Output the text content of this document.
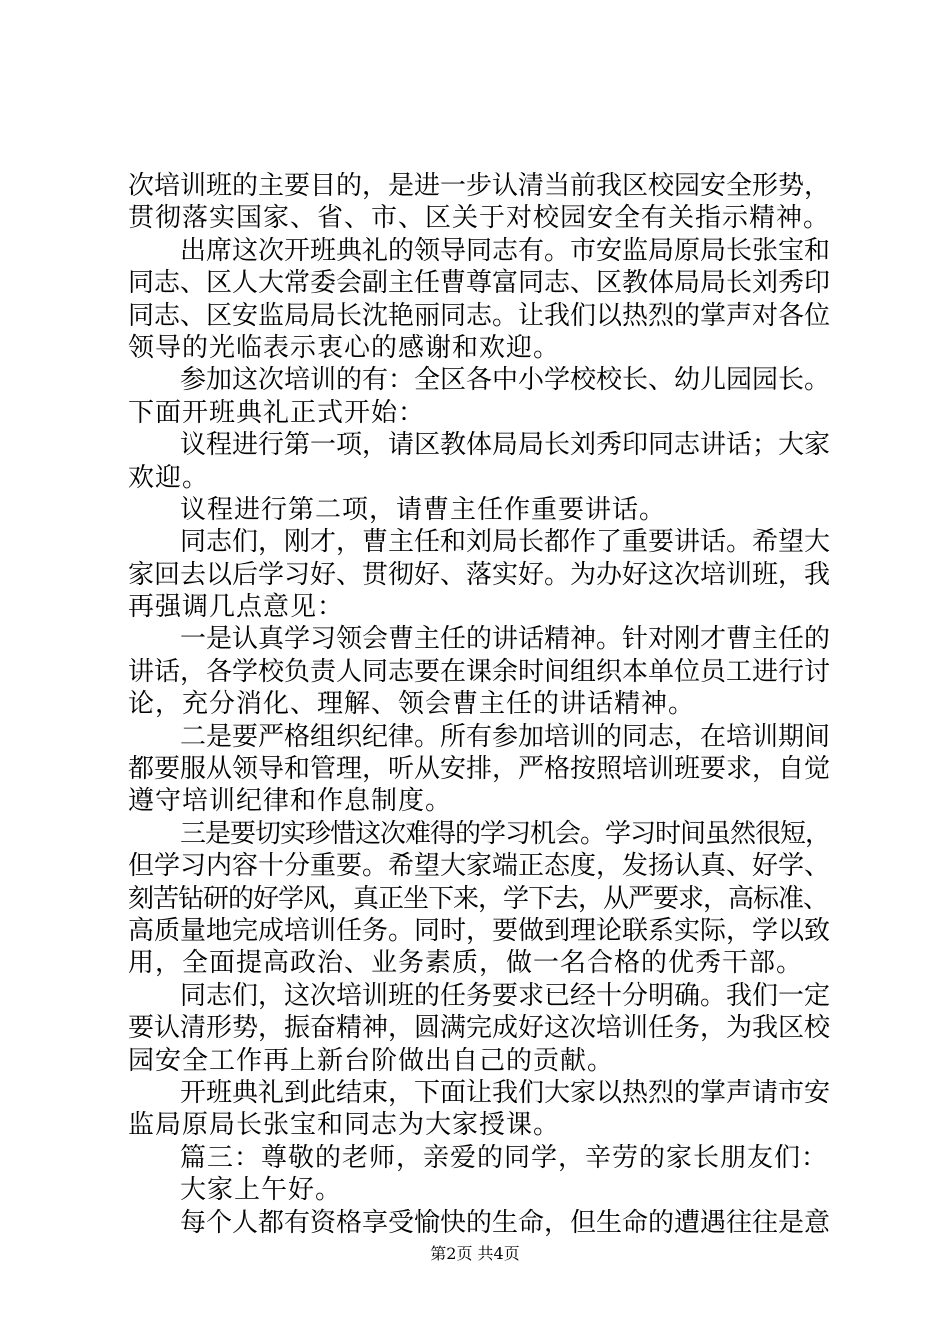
次培训班的主要目的，是进一步认清当前我区校园安全形势，
贯彻落实国家、省、市、区关于对校园安全有关指示精神。
出席这次开班典礼的领导同志有。市安监局原局长张宝和
同志、区人大常委会副主任曹尊富同志、区教体局局长刘秀印
同志、区安监局局长沈艳丽同志。让我们以热烈的掌声对各位
领导的光临表示衷心的感谢和欢迎。
参加这次培训的有：全区各中小学校校长、幼儿园园长。
下面开班典礼正式开始：
议程进行第一项，请区教体局局长刘秀印同志讲话；大家
欢迎。
议程进行第二项，请曹主任作重要讲话。
同志们，刚才，曹主任和刘局长都作了重要讲话。希望大
家回去以后学习好、贯彻好、落实好。为办好这次培训班，我
再强调几点意见：
一是认真学习领会曹主任的讲话精神。针对刚才曹主任的
讲话，各学校负责人同志要在课余时间组织本单位员工进行讨
论，充分消化、理解、领会曹主任的讲话精神。
二是要严格组织纪律。所有参加培训的同志，在培训期间
都要服从领导和管理，听从安排，严格按照培训班要求，自觉
遵守培训纪律和作息制度。
三是要切实珍惜这次难得的学习机会。学习时间虽然很短，
但学习内容十分重要。希望大家端正态度，发扬认真、好学、
刻苦钻研的好学风，真正坐下来，学下去，从严要求，高标准、
高质量地完成培训任务。同时，要做到理论联系实际，学以致
用，全面提高政治、业务素质，做一名合格的优秀干部。
同志们，这次培训班的任务要求已经十分明确。我们一定
要认清形势，振奋精神，圆满完成好这次培训任务，为我区校
园安全工作再上新台阶做出自己的贡献。
开班典礼到此结束，下面让我们大家以热烈的掌声请市安
监局原局长张宝和同志为大家授课。
篇三：尊敬的老师，亲爱的同学，辛劳的家长朋友们：
大家上午好。
每个人都有资格享受愉快的生命，但生命的遭遇往往是意
第2页 共4页
